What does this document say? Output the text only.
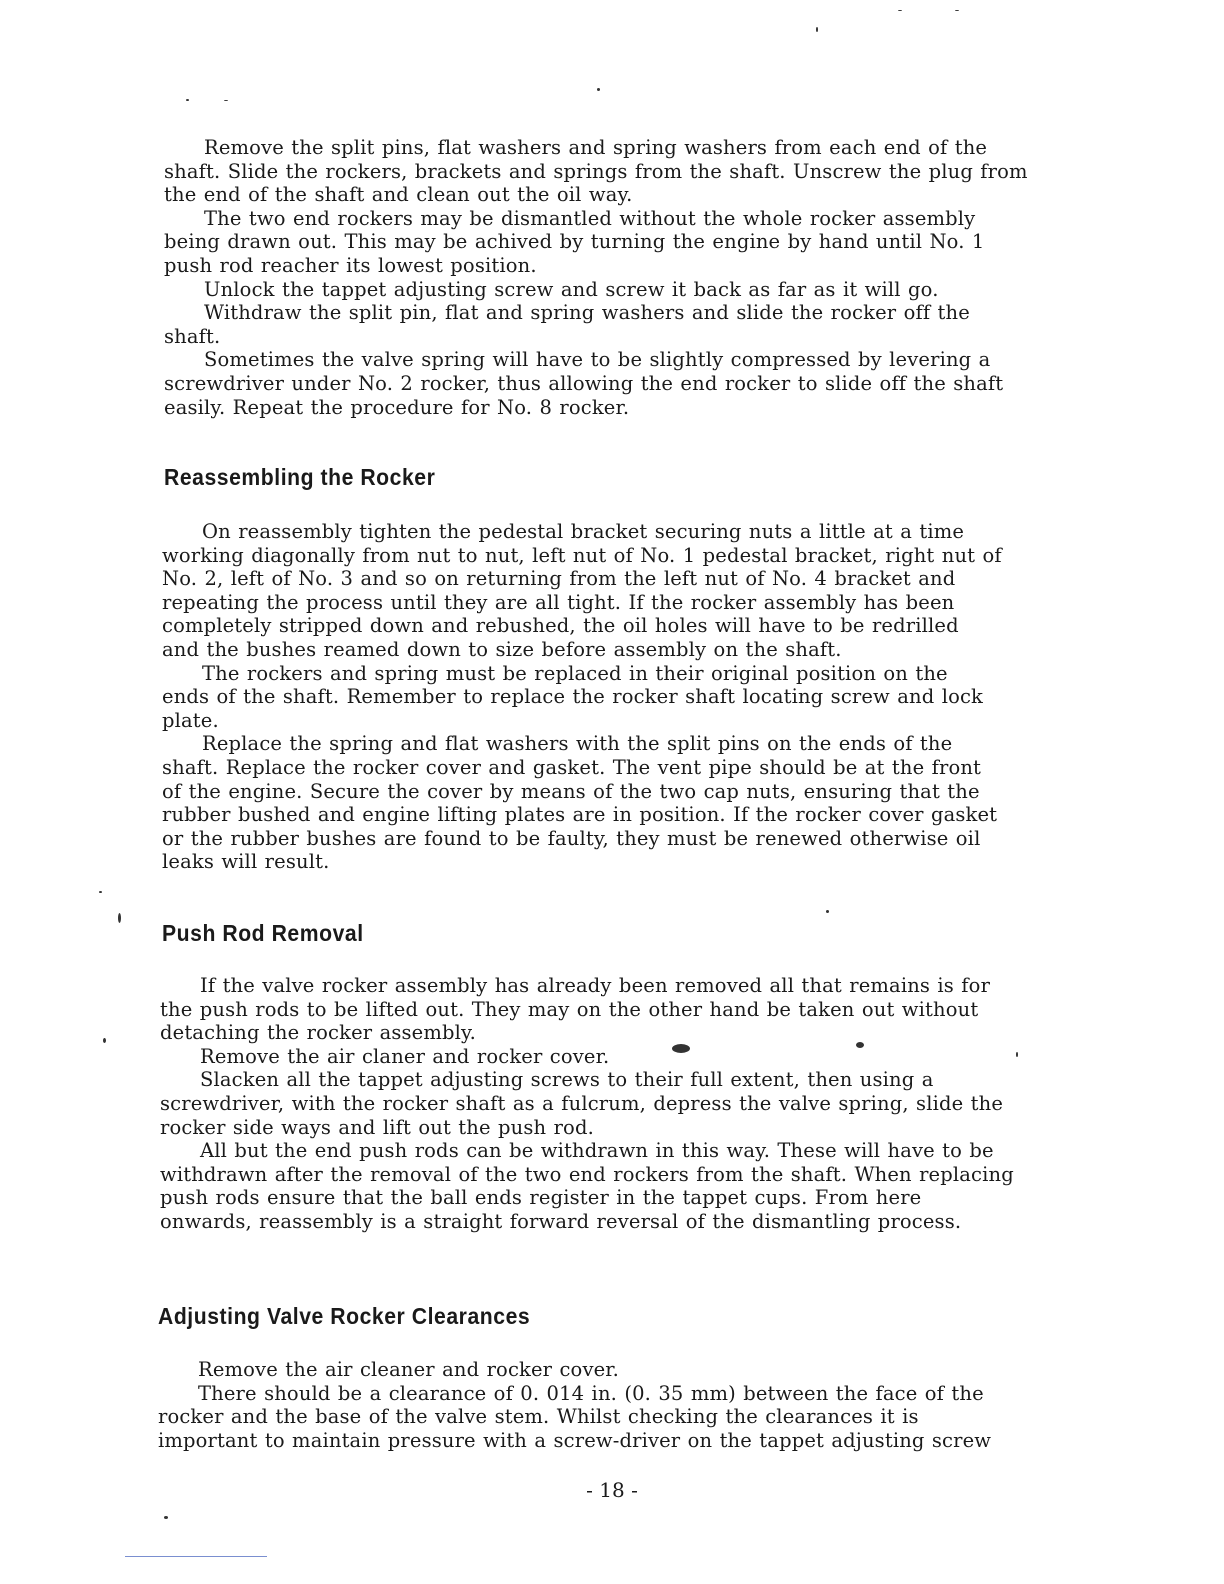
Remove the split pins, flat washers and spring washers from each end of the shaft. Slide the rockers, brackets and springs from the shaft. Unscrew the plug from the end of the shaft and clean out the oil way.

The two end rockers may be dismantled without the whole rocker assembly being drawn out. This may be achived by turning the engine by hand until No. 1 push rod reacher its lowest position.

Unlock the tappet adjusting screw and screw it back as far as it will go.

Withdraw the split pin, flat and spring washers and slide the rocker off the shaft.

Sometimes the valve spring will have to be slightly compressed by levering a screwdriver under No. 2 rocker, thus allowing the end rocker to slide off the shaft easily. Repeat the procedure for No. 8 rocker.

Reassembling the Rocker

On reassembly tighten the pedestal bracket securing nuts a little at a time working diagonally from nut to nut, left nut of No. 1 pedestal bracket, right nut of No. 2, left of No. 3 and so on returning from the left nut of No. 4 bracket and repeating the process until they are all tight. If the rocker assembly has been completely stripped down and rebushed, the oil holes will have to be redrilled and the bushes reamed down to size before assembly on the shaft.

The rockers and spring must be replaced in their original position on the ends of the shaft. Remember to replace the rocker shaft locating screw and lock plate.

Replace the spring and flat washers with the split pins on the ends of the shaft. Replace the rocker cover and gasket. The vent pipe should be at the front of the engine. Secure the cover by means of the two cap nuts, ensuring that the rubber bushed and engine lifting plates are in position. If the rocker cover gasket or the rubber bushes are found to be faulty, they must be renewed otherwise oil leaks will result.

Push Rod Removal

If the valve rocker assembly has already been removed all that remains is for the push rods to be lifted out. They may on the other hand be taken out without detaching the rocker assembly.

Remove the air claner and rocker cover.

Slacken all the tappet adjusting screws to their full extent, then using a screwdriver, with the rocker shaft as a fulcrum, depress the valve spring, slide the rocker side ways and lift out the push rod.

All but the end push rods can be withdrawn in this way. These will have to be withdrawn after the removal of the two end rockers from the shaft. When replacing push rods ensure that the ball ends register in the tappet cups. From here onwards, reassembly is a straight forward reversal of the dismantling process.

Adjusting Valve Rocker Clearances

Remove the air cleaner and rocker cover.

There should be a clearance of 0. 014 in. (0. 35 mm) between the face of the rocker and the base of the valve stem. Whilst checking the clearances it is important to maintain pressure with a screw-driver on the tappet adjusting screw

- 18 -
